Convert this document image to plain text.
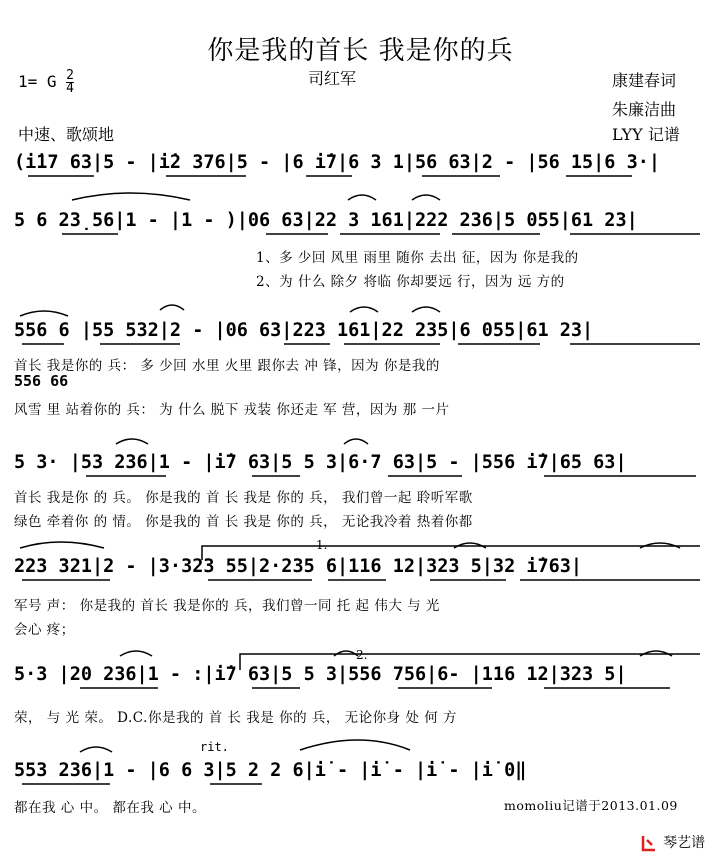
你是我的首长 我是你的兵
1= G $\frac{2}{4}$	司红军	康建春词
朱廉洁曲
中速、歌颂地	LYY 记谱
(i̇17 63|5 - |i̇2 376|5 - |6 i̇7|6 3 1|56 63|2 - |56 15|6 3·|
5 6 23̣56|1 - |1 - )|06 63|22 3 161|222 236|5 055|61 23|
1、多 少回 风里 雨里 随你 去出 征，因为 你是我的
2、为 什么 除夕 将临 你却要远 行，因为 远 方的
556 6 |55 532|2 - |06 63|223 161|22 235|6 055|61 23|
首长 我是你的 兵： 多 少回 水里 火里 跟你去 冲 锋，因为 你是我的
556 66
风雪 里 站着你的 兵： 为 什么 脱下 戎装 你还走 军 营，因为 那 一片
5 3· |53 236|1 - |i̇7 63|5 5 3|6·7 63|5 - |556 i̇7|65 63|
首长 我是你 的 兵。 你是我的 首 长 我是 你的 兵， 我们曾一起 聆听军歌
绿色 牵着你 的 情。 你是我的 首 长 我是 你的 兵， 无论我冷着 热着你都
1.
223 321|2 - |3·323 55|2·235 6|116 12|323 5|32 i̇763|
军号 声： 你是我的 首长 我是你的 兵，我们曾一同 托 起 伟大 与 光
会心 疼；
2.
5·3 |20 236|1 - :|i̇7 63|5 5 3|556 756|6- |116 12|323 5|
荣， 与 光 荣。 D.C.你是我的 首 长 我是 你的 兵， 无论你身 处 何 方
rit.
553 236|1 - |6 6 3|5 2 2 6|i̇ - |i̇ - |i̇ - |i̇ 0‖
都在我 心 中。 都在我 心 中。	momoliu记谱于2013.01.09
琴艺谱
